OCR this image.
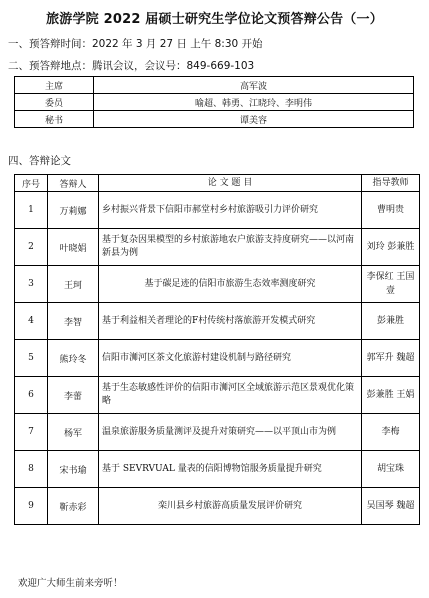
旅游学院 2022 届硕士研究生学位论文预答辩公告（一）
一、预答辩时间：2022 年 3 月 27 日 上午 8:30 开始
二、预答辩地点：腾讯会议，会议号：849-669-103
主席	高军波
委员	喻超、韩勇、江晓玲、李明伟
秘书	谭美容
四、答辩论文
序号	答辩人	论 文 题 目	指导教师
1	万莉娜	乡村振兴背景下信阳市郝堂村乡村旅游吸引力评价研究	曹明贵
2	叶晓娟	基于复杂因果模型的乡村旅游地农户旅游支持度研究——以河南新县为例	刘玲 彭兼胜
3	王珂	基于碳足迹的信阳市旅游生态效率测度研究	李保红 王国壹
4	李智	基于利益相关者理论的F村传统村落旅游开发模式研究	彭兼胜
5	熊玲冬	信阳市浉河区茶文化旅游村建设机制与路径研究	郭军升 魏超
6	李蕾	基于生态敏感性评价的信阳市浉河区全域旅游示范区景观优化策略	彭兼胜 王娟
7	杨军	温泉旅游服务质量测评及提升对策研究——以平顶山市为例	李梅
8	宋书瑜	基于 SEVRVUAL 量表的信阳博物馆服务质量提升研究	胡宝珠
9	靳赤彩	栾川县乡村旅游高质量发展评价研究	吴国琴 魏超
欢迎广大师生前来旁听！
